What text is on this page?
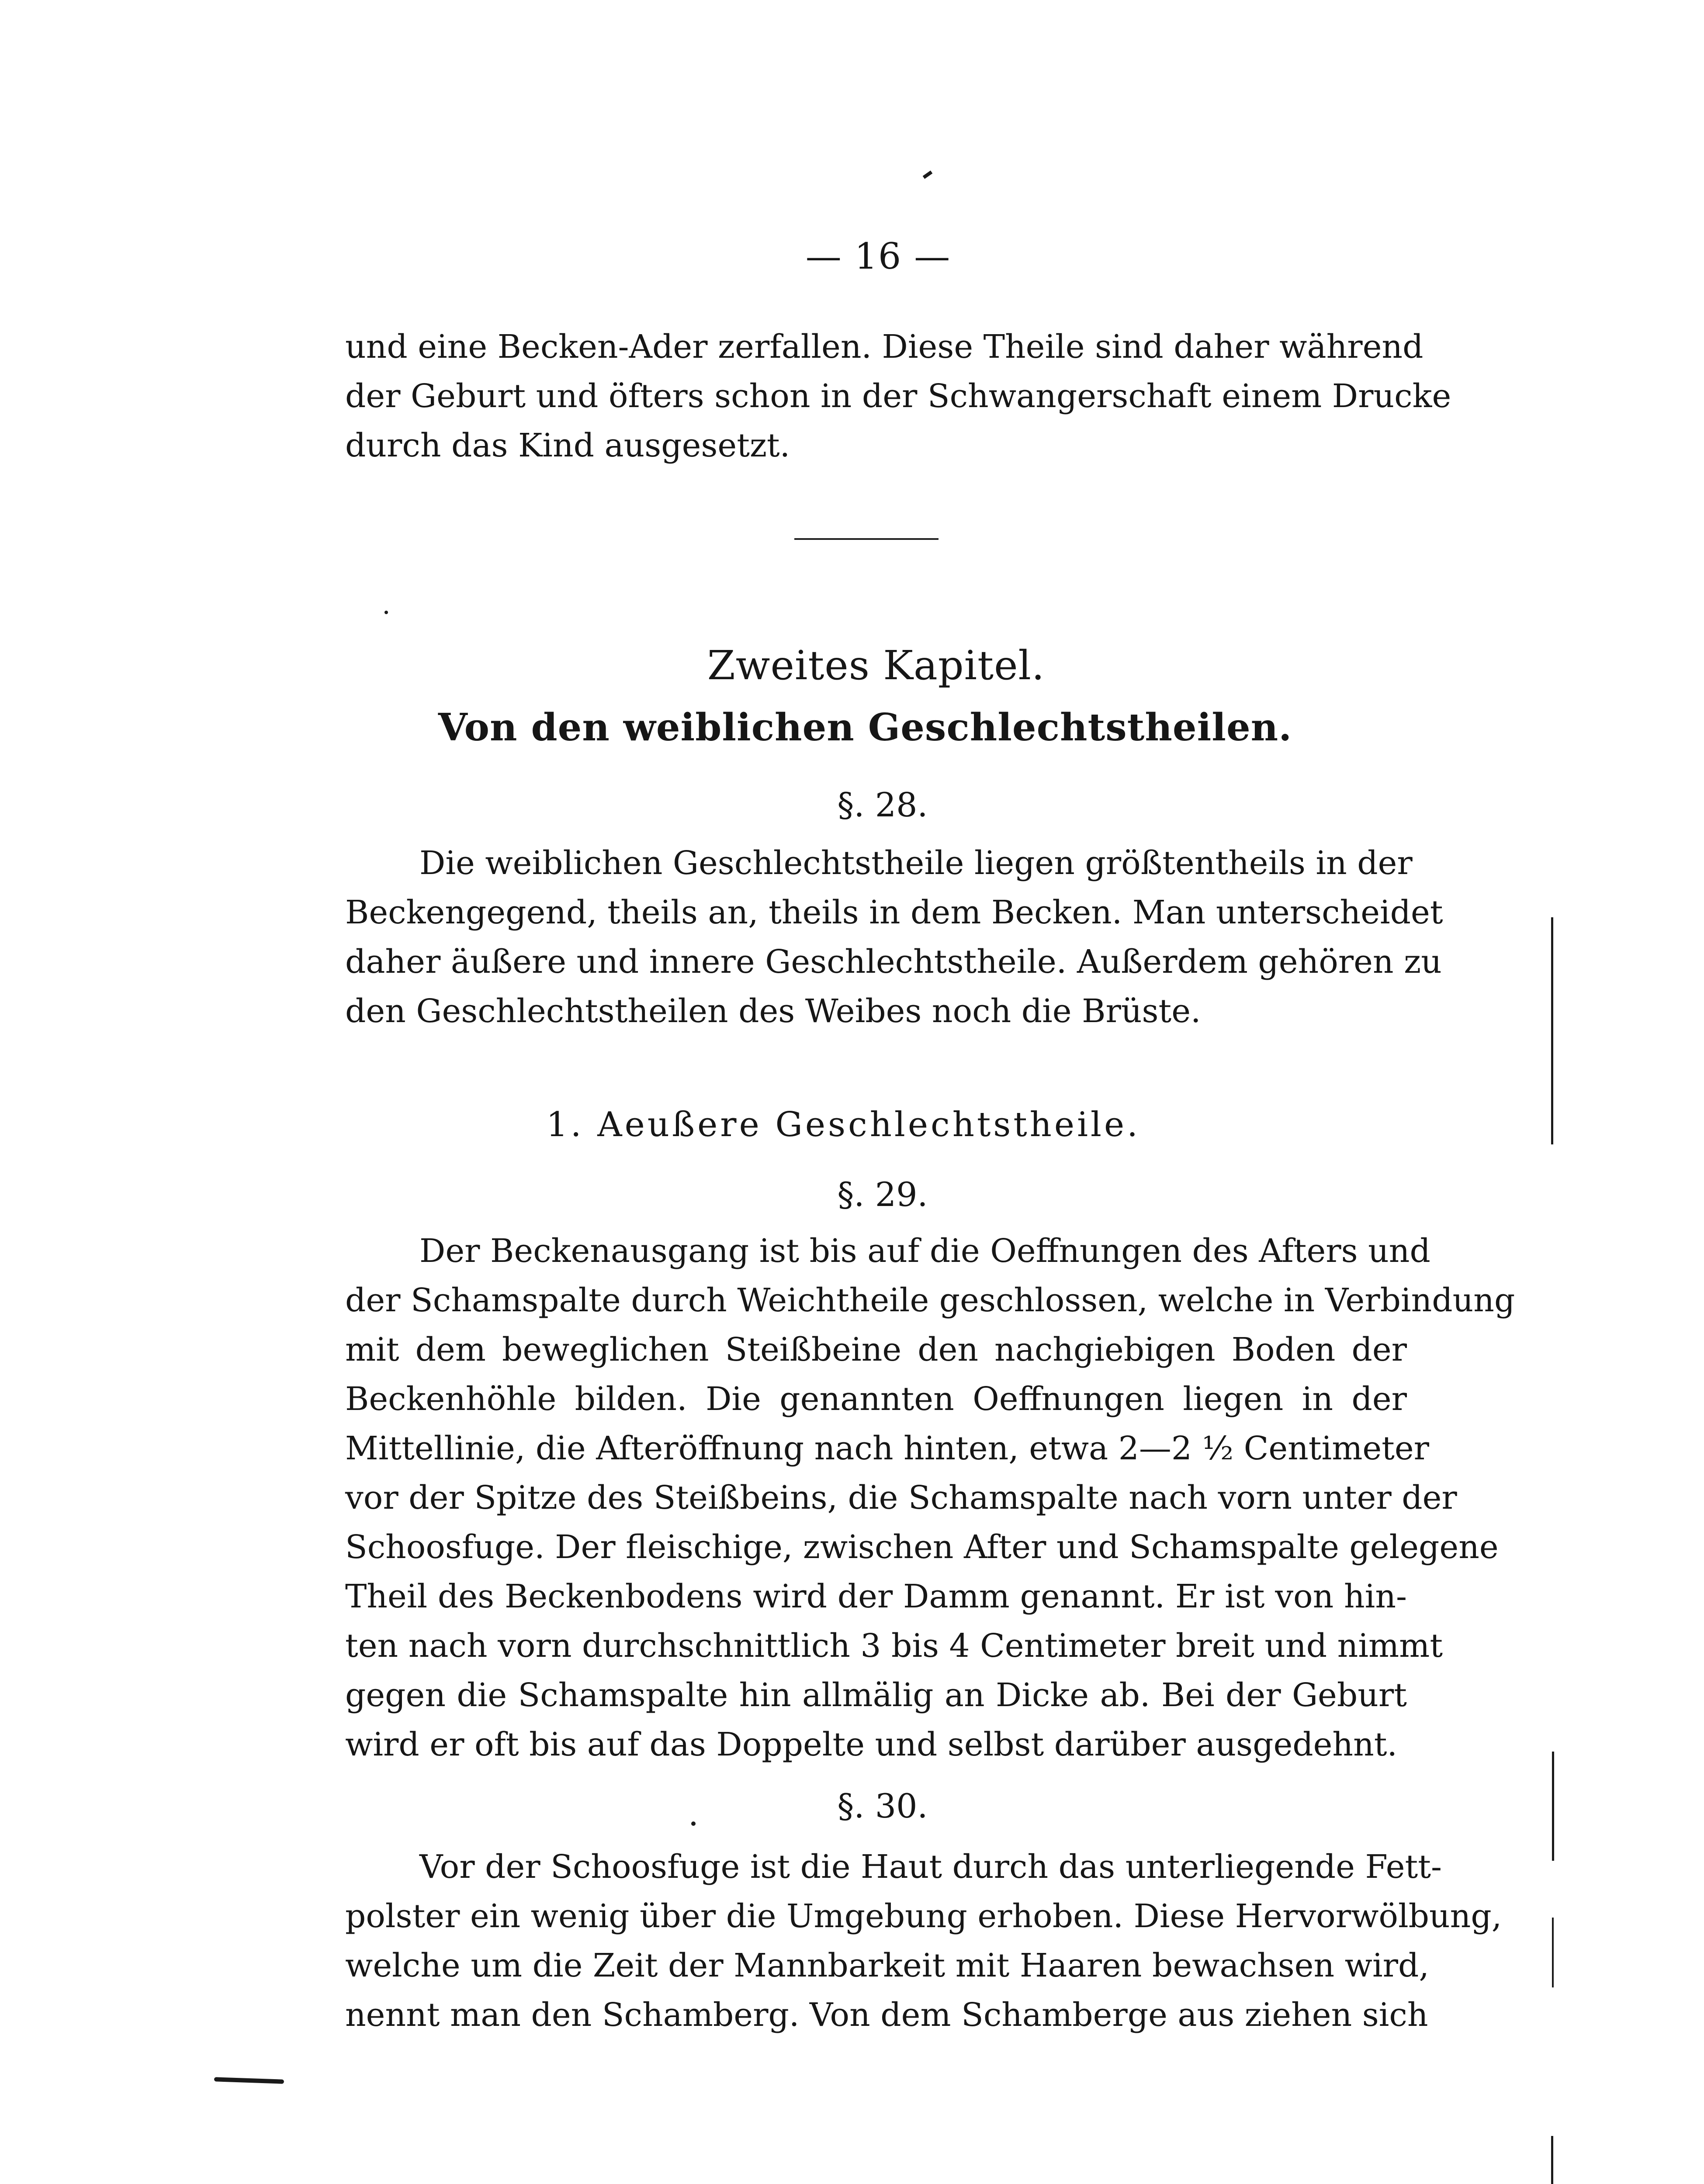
— 16 —
und eine Becken-Ader zerfallen. Diese Theile sind daher während
der Geburt und öfters schon in der Schwangerschaft einem Drucke
durch das Kind ausgesetzt.
Zweites Kapitel.
Von den weiblichen Geschlechtstheilen.
§. 28.
Die weiblichen Geschlechtstheile liegen größtentheils in der
Beckengegend, theils an, theils in dem Becken. Man unterscheidet
daher äußere und innere Geschlechtstheile. Außerdem gehören zu
den Geschlechtstheilen des Weibes noch die Brüste.
1. Aeußere Geschlechtstheile.
§. 29.
Der Beckenausgang ist bis auf die Oeffnungen des Afters und
der Schamspalte durch Weichtheile geschlossen, welche in Verbindung
mit dem beweglichen Steißbeine den nachgiebigen Boden der
Beckenhöhle bilden. Die genannten Oeffnungen liegen in der
Mittellinie, die Afteröffnung nach hinten, etwa 2—2 ½ Centimeter
vor der Spitze des Steißbeins, die Schamspalte nach vorn unter der
Schoosfuge. Der fleischige, zwischen After und Schamspalte gelegene
Theil des Beckenbodens wird der Damm genannt. Er ist von hin-
ten nach vorn durchschnittlich 3 bis 4 Centimeter breit und nimmt
gegen die Schamspalte hin allmälig an Dicke ab. Bei der Geburt
wird er oft bis auf das Doppelte und selbst darüber ausgedehnt.
§. 30.
Vor der Schoosfuge ist die Haut durch das unterliegende Fett-
polster ein wenig über die Umgebung erhoben. Diese Hervorwölbung,
welche um die Zeit der Mannbarkeit mit Haaren bewachsen wird,
nennt man den Schamberg. Von dem Schamberge aus ziehen sich
